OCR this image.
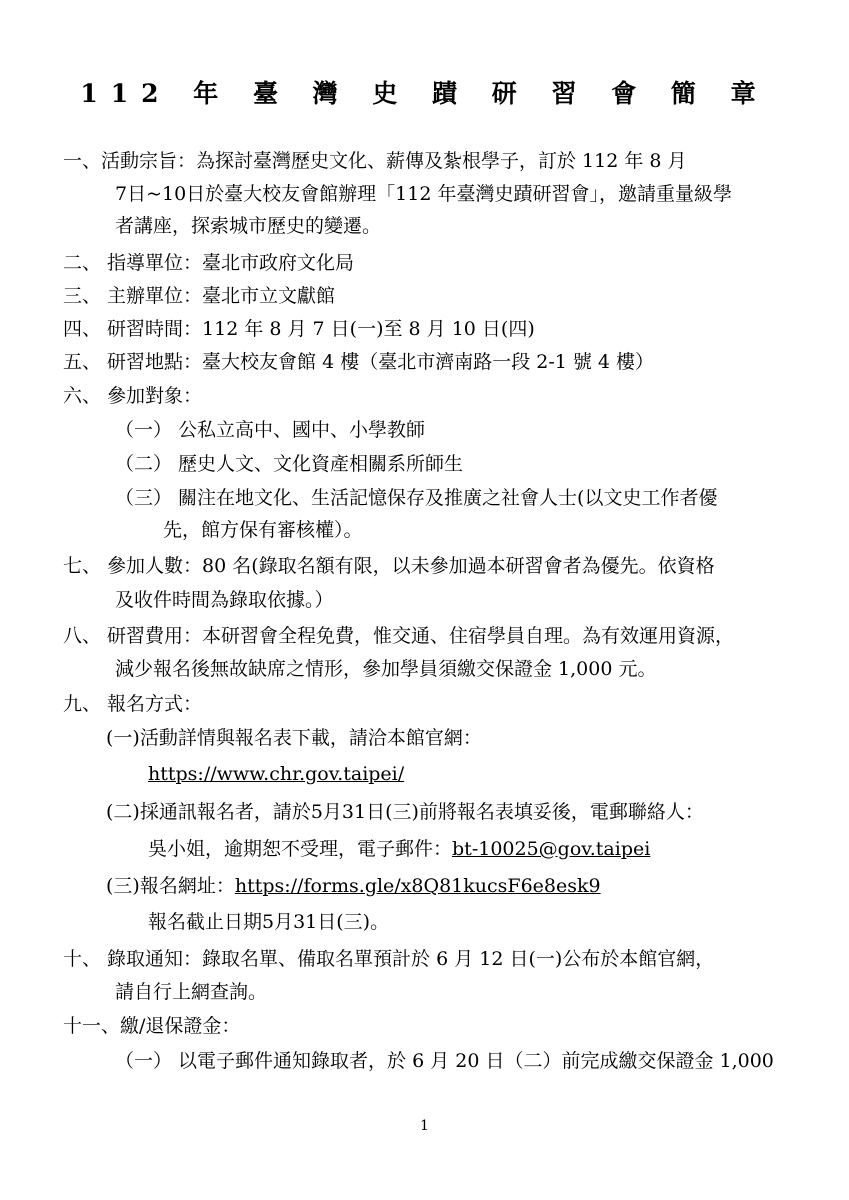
112 年 臺 灣 史 蹟 研 習 會 簡 章
一、活動宗旨：為探討臺灣歷史文化、薪傳及紮根學子，訂於 112 年 8 月
7日~10日於臺大校友會館辦理「112 年臺灣史蹟研習會」，邀請重量級學
者講座，探索城市歷史的變遷。
二、 指導單位：臺北市政府文化局
三、 主辦單位：臺北市立文獻館
四、 研習時間：112 年 8 月 7 日(一)至 8 月 10 日(四)
五、 研習地點：臺大校友會館 4 樓（臺北市濟南路一段 2-1 號 4 樓）
六、 參加對象：
（一） 公私立高中、國中、小學教師
（二） 歷史人文、文化資產相關系所師生
（三） 關注在地文化、生活記憶保存及推廣之社會人士(以文史工作者優
先，館方保有審核權）。
七、 參加人數：80 名(錄取名額有限，以未參加過本研習會者為優先。依資格
及收件時間為錄取依據。）
八、 研習費用：本研習會全程免費，惟交通、住宿學員自理。為有效運用資源，
減少報名後無故缺席之情形，參加學員須繳交保證金 1,000 元。
九、 報名方式：
(一)活動詳情與報名表下載，請洽本館官網：
https://www.chr.gov.taipei/
(二)採通訊報名者，請於5月31日(三)前將報名表填妥後，電郵聯絡人：
吳小姐，逾期恕不受理，電子郵件：bt-10025@gov.taipei
(三)報名網址：https://forms.gle/x8Q81kucsF6e8esk9
報名截止日期5月31日(三)。
十、 錄取通知：錄取名單、備取名單預計於 6 月 12 日(一)公布於本館官網，
請自行上網查詢。
十一、繳/退保證金：
（一） 以電子郵件通知錄取者，於 6 月 20 日（二）前完成繳交保證金 1,000
1
